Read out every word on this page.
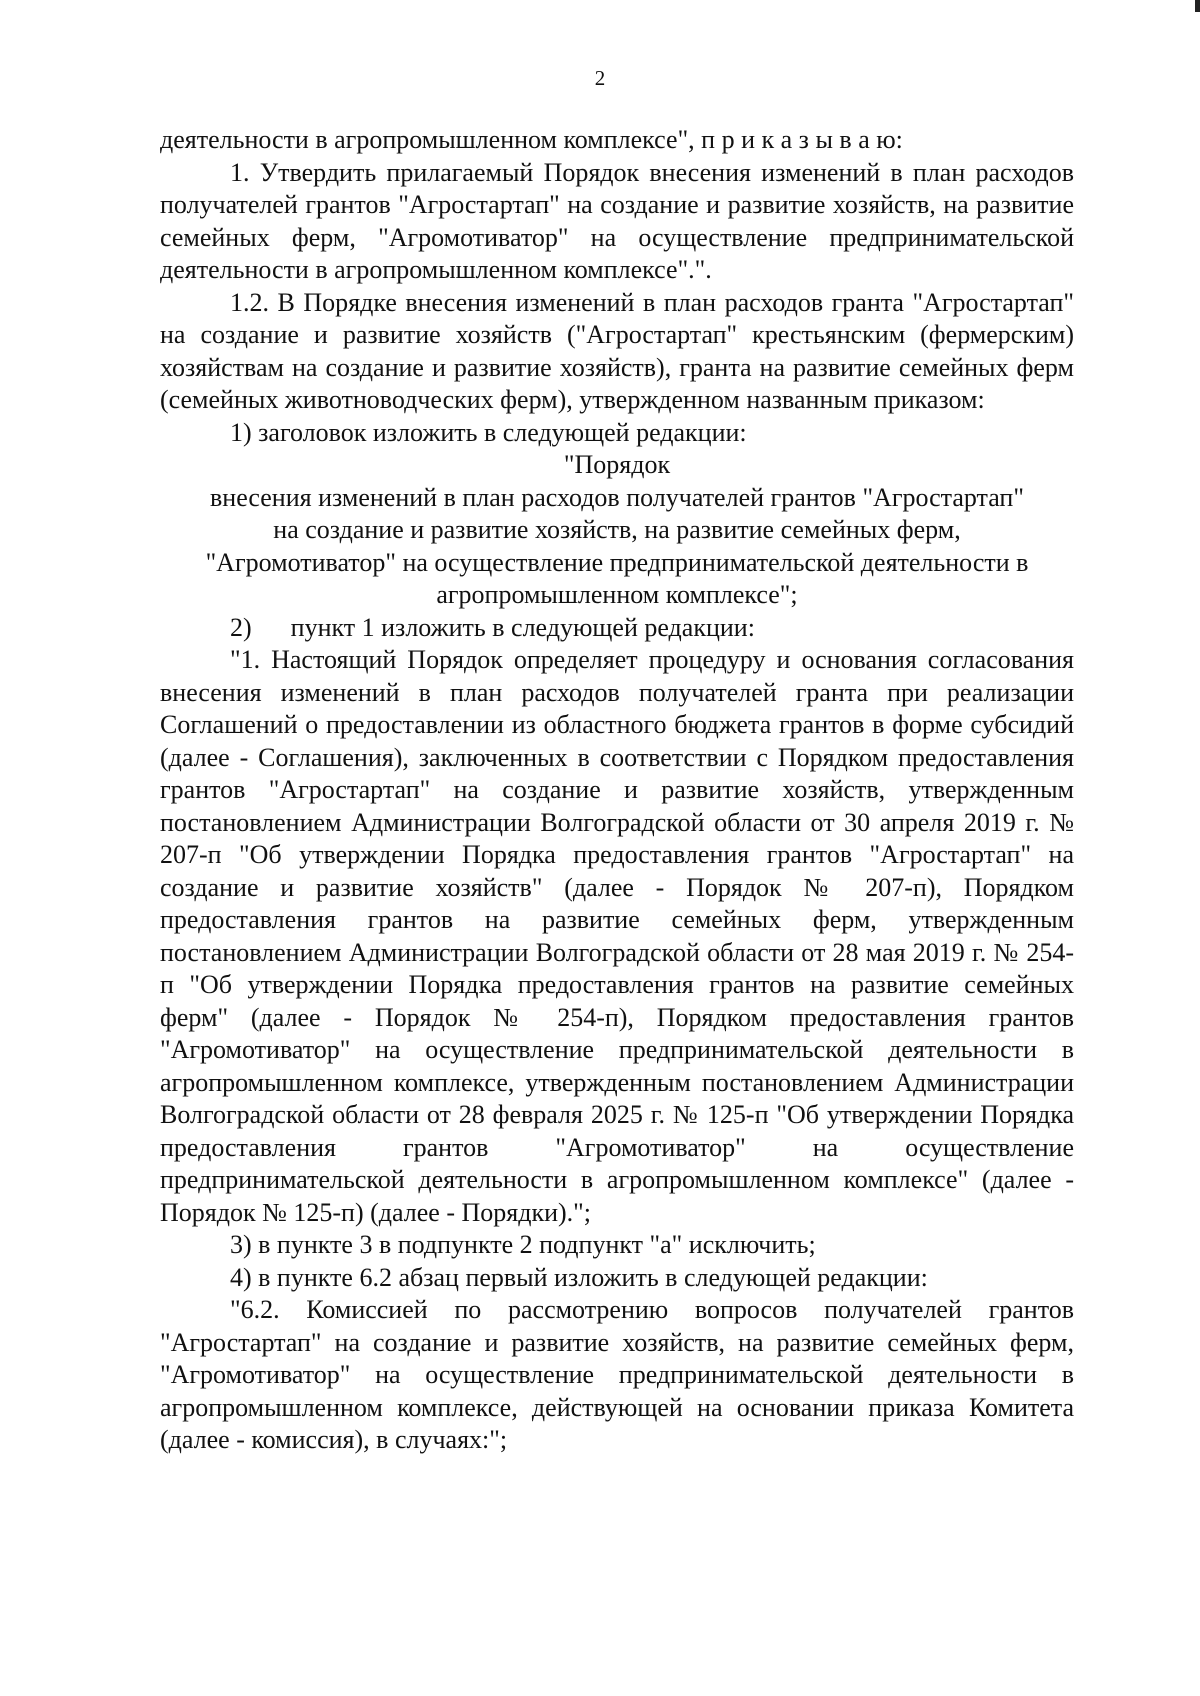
2

деятельности в агропромышленном комплексе", п р и к а з ы в а ю:

1. Утвердить прилагаемый Порядок внесения изменений в план расходов получателей грантов "Агростартап" на создание и развитие хозяйств, на развитие семейных ферм, "Агромотиватор" на осуществление предпринимательской деятельности в агропромышленном комплексе".".

1.2. В Порядке внесения изменений в план расходов гранта "Агростартап" на создание и развитие хозяйств ("Агростартап" крестьянским (фермерским) хозяйствам на создание и развитие хозяйств), гранта на развитие семейных ферм (семейных животноводческих ферм), утвержденном названным приказом:

1) заголовок изложить в следующей редакции:

"Порядок

внесения изменений в план расходов получателей грантов "Агростартап"

на создание и развитие хозяйств, на развитие семейных ферм,

"Агромотиватор" на осуществление предпринимательской деятельности в

агропромышленном комплексе";

2)      пункт 1 изложить в следующей редакции:

"1. Настоящий Порядок определяет процедуру и основания согласования внесения изменений в план расходов получателей гранта при реализации Соглашений о предоставлении из областного бюджета грантов в форме субсидий (далее - Соглашения), заключенных в соответствии с Порядком предоставления грантов "Агростартап" на создание и развитие хозяйств, утвержденным постановлением Администрации Волгоградской области от 30 апреля 2019 г. № 207-п "Об утверждении Порядка предоставления грантов "Агростартап" на создание и развитие хозяйств" (далее - Порядок № 207-п), Порядком предоставления грантов на развитие семейных ферм, утвержденным постановлением Администрации Волгоградской области от 28 мая 2019 г. № 254-п "Об утверждении Порядка предоставления грантов на развитие семейных ферм" (далее - Порядок № 254-п), Порядком предоставления грантов "Агромотиватор" на осуществление предпринимательской деятельности в агропромышленном комплексе, утвержденным постановлением Администрации Волгоградской области от 28 февраля 2025 г. № 125-п "Об утверждении Порядка предоставления грантов "Агромотиватор" на осуществление предпринимательской деятельности в агропромышленном комплексе" (далее - Порядок № 125-п) (далее - Порядки).";

3) в пункте 3 в подпункте 2 подпункт "а" исключить;

4) в пункте 6.2 абзац первый изложить в следующей редакции:

"6.2. Комиссией по рассмотрению вопросов получателей грантов "Агростартап" на создание и развитие хозяйств, на развитие семейных ферм, "Агромотиватор" на осуществление предпринимательской деятельности в агропромышленном комплексе, действующей на основании приказа Комитета (далее - комиссия), в случаях:";
